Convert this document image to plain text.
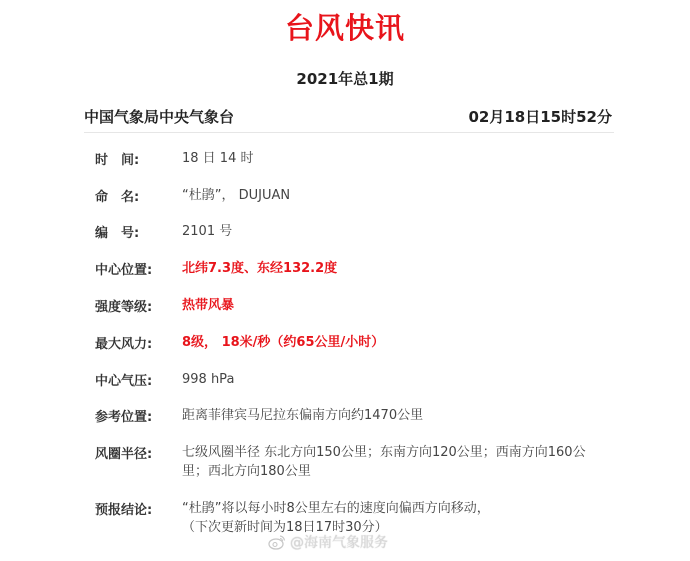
台风快讯
2021年总1期
中国气象局中央气象台	02月18日15时52分
时　间:	18 日 14 时
命　名:	“杜鹃”， DUJUAN
编　号:	2101 号
中心位置: 北纬7.3度、东经132.2度
强度等级: 热带风暴
最大风力: 8级， 18米/秒（约65公里/小时）
中心气压: 998 hPa
参考位置: 距离菲律宾马尼拉东偏南方向约1470公里
风圈半径: 七级风圈半径 东北方向150公里；东南方向120公里；西南方向160公
里；西北方向180公里
预报结论: “杜鹃”将以每小时8公里左右的速度向偏西方向移动，
（下次更新时间为18日17时30分）
@海南气象服务
